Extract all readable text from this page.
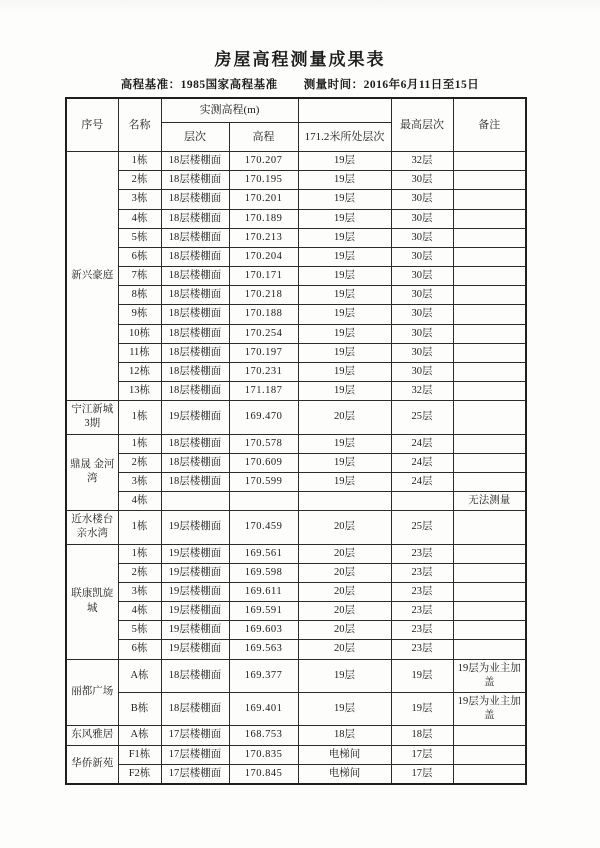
房屋高程测量成果表
高程基准：1985国家高程基准 测量时间：2016年6月11日至15日
序号	名称	实测高程(m)			最高层次	备注
		层次	高程	171.2米所处层次		
新兴豪庭	1栋	18层楼棚面	170.207	19层	32层	
	2栋	18层楼棚面	170.195	19层	30层	
	3栋	18层楼棚面	170.201	19层	30层	
	4栋	18层楼棚面	170.189	19层	30层	
	5栋	18层楼棚面	170.213	19层	30层	
	6栋	18层楼棚面	170.204	19层	30层	
	7栋	18层楼棚面	170.171	19层	30层	
	8栋	18层楼棚面	170.218	19层	30层	
	9栋	18层楼棚面	170.188	19层	30层	
	10栋	18层楼棚面	170.254	19层	30层	
	11栋	18层楼棚面	170.197	19层	30层	
	12栋	18层楼棚面	170.231	19层	30层	
	13栋	18层楼棚面	171.187	19层	32层	
宁江新城3期	1栋	19层楼棚面	169.470	20层	25层	
鼎晟 金河湾	1栋	18层楼棚面	170.578	19层	24层	
	2栋	18层楼棚面	170.609	19层	24层	
	3栋	18层楼棚面	170.599	19层	24层	
	4栋					无法测量
近水楼台亲水湾	1栋	19层楼棚面	170.459	20层	25层	
联康凯旋城	1栋	19层楼棚面	169.561	20层	23层	
	2栋	19层楼棚面	169.598	20层	23层	
	3栋	19层楼棚面	169.611	20层	23层	
	4栋	19层楼棚面	169.591	20层	23层	
	5栋	19层楼棚面	169.603	20层	23层	
	6栋	19层楼棚面	169.563	20层	23层	
丽都广场	A栋	18层楼棚面	169.377	19层	19层	19层为业主加盖
	B栋	18层楼棚面	169.401	19层	19层	19层为业主加盖
东风雅居	A栋	17层楼棚面	168.753	18层	18层	
华侨新苑	F1栋	17层楼棚面	170.835	电梯间	17层	
	F2栋	17层楼棚面	170.845	电梯间	17层	
